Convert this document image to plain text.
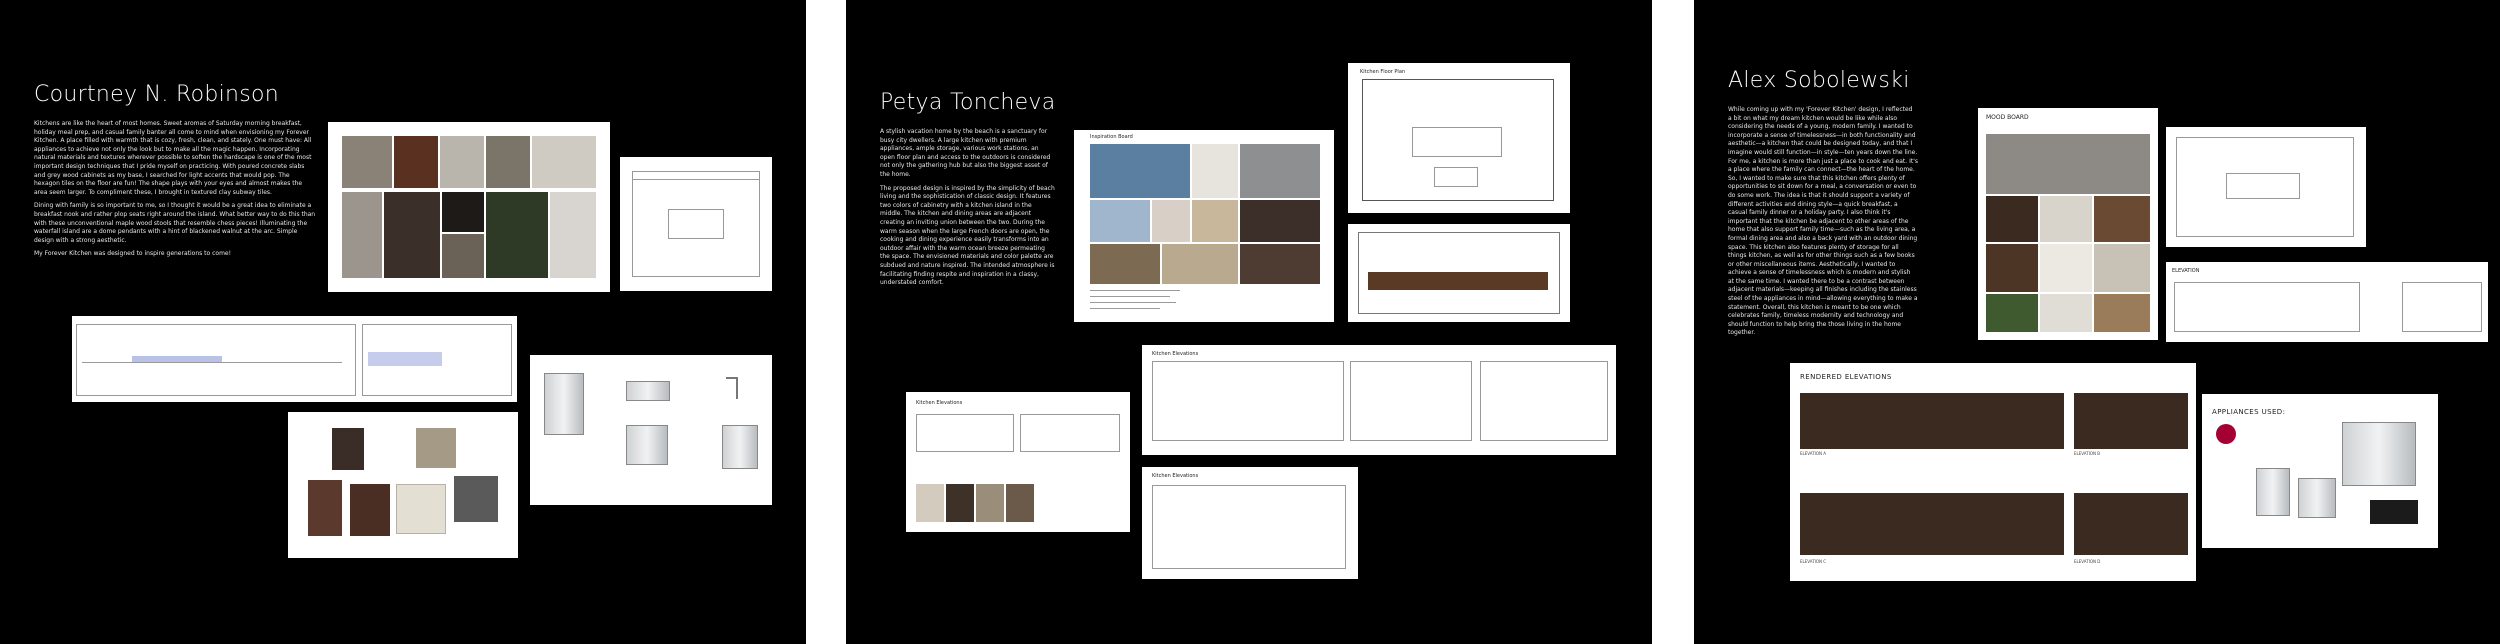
Courtney N. Robinson

Kitchens are like the heart of most homes. Sweet aromas of Saturday morning breakfast, holiday meal prep, and casual family banter all come to mind when envisioning my Forever Kitchen. A place filled with warmth that is cozy, fresh, clean, and stately. One must have: All appliances to achieve not only the look but to make all the magic happen. Incorporating natural materials and textures wherever possible to soften the hardscape is one of the most important design techniques that I pride myself on practicing. With poured concrete slabs and grey wood cabinets as my base, I searched for light accents that would pop. The hexagon tiles on the floor are fun! The shape plays with your eyes and almost makes the area seem larger. To compliment these, I brought in textured clay subway tiles.

Dining with family is so important to me, so I thought it would be a great idea to eliminate a breakfast nook and rather plop seats right around the island. What better way to do this than with these unconventional maple wood stools that resemble chess pieces! Illuminating the waterfall island are a dome pendants with a hint of blackened walnut at the arc. Simple design with a strong aesthetic.

My Forever Kitchen was designed to inspire generations to come!

Petya Toncheva

A stylish vacation home by the beach is a sanctuary for busy city dwellers. A large kitchen with premium appliances, ample storage, various work stations, an open floor plan and access to the outdoors is considered not only the gathering hub but also the biggest asset of the home.

The proposed design is inspired by the simplicity of beach living and the sophistication of classic design. It features two colors of cabinetry with a kitchen island in the middle. The kitchen and dining areas are adjacent creating an inviting union between the two. During the warm season when the large French doors are open, the cooking and dining experience easily transforms into an outdoor affair with the warm ocean breeze permeating the space. The envisioned materials and color palette are subdued and nature inspired. The intended atmosphere is facilitating finding respite and inspiration in a classy, understated comfort.

Inspiration Board
Kitchen Floor Plan
Kitchen Elevations
Kitchen Elevations
Kitchen Elevations
Alex Sobolewski

While coming up with my 'Forever Kitchen' design, I reflected a bit on what my dream kitchen would be like while also considering the needs of a young, modern family. I wanted to incorporate a sense of timelessness—in both functionality and aesthetic—a kitchen that could be designed today, and that I imagine would still function—in style—ten years down the line. For me, a kitchen is more than just a place to cook and eat. It's a place where the family can connect—the heart of the home. So, I wanted to make sure that this kitchen offers plenty of opportunities to sit down for a meal, a conversation or even to do some work. The idea is that it should support a variety of different activities and dining style—a quick breakfast, a casual family dinner or a holiday party. I also think it's important that the kitchen be adjacent to other areas of the home that also support family time—such as the living area, a formal dining area and also a back yard with an outdoor dining space. This kitchen also features plenty of storage for all things kitchen, as well as for other things such as a few books or other miscellaneous items. Aesthetically, I wanted to achieve a sense of timelessness which is modern and stylish at the same time. I wanted there to be a contrast between adjacent materials—keeping all finishes including the stainless steel of the appliances in mind—allowing everything to make a statement. Overall, this kitchen is meant to be one which celebrates family, timeless modernity and technology and should function to help bring the those living in the home together.

MOOD BOARD
ELEVATION
RENDERED ELEVATIONS
ELEVATION A	ELEVATION B
ELEVATION C	ELEVATION D
APPLIANCES USED:
